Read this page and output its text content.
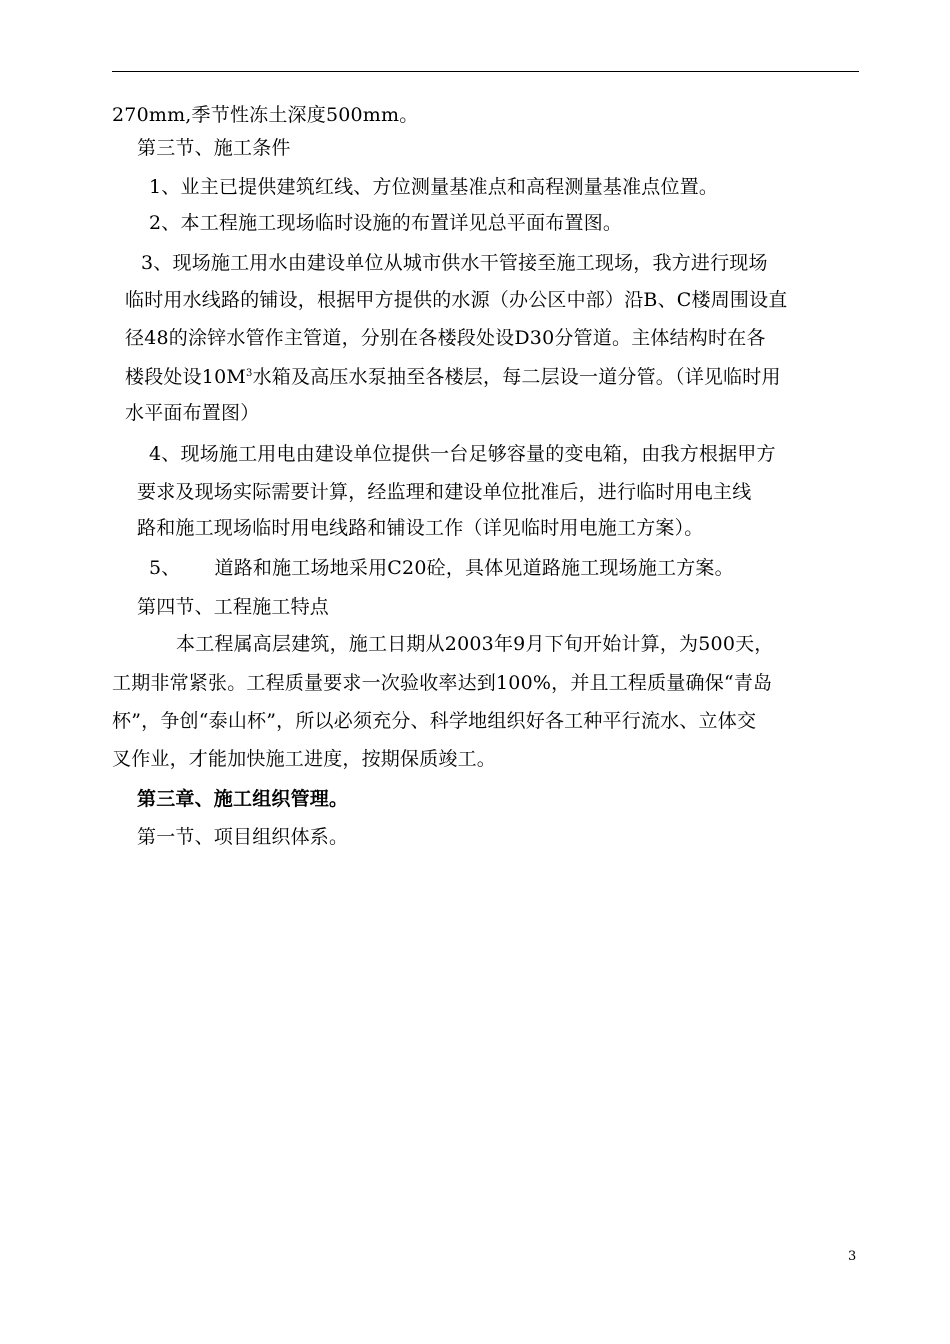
270mm,季节性冻土深度500mm。
第三节、施工条件
1、业主已提供建筑红线、方位测量基准点和高程测量基准点位置。
2、本工程施工现场临时设施的布置详见总平面布置图。
3、现场施工用水由建设单位从城市供水干管接至施工现场，我方进行现场
临时用水线路的铺设，根据甲方提供的水源（办公区中部）沿B、C楼周围设直
径48的涂锌水管作主管道，分别在各楼段处设D30分管道。主体结构时在各
楼段处设$10M^3$水箱及高压水泵抽至各楼层，每二层设一道分管。（详见临时用
水平面布置图）
4、现场施工用电由建设单位提供一台足够容量的变电箱，由我方根据甲方
要求及现场实际需要计算，经监理和建设单位批准后，进行临时用电主线
路和施工现场临时用电线路和铺设工作（详见临时用电施工方案）。
5、 道路和施工场地采用C20砼，具体见道路施工现场施工方案。
第四节、工程施工特点
本工程属高层建筑，施工日期从2003年9月下旬开始计算，为500天，
工期非常紧张。工程质量要求一次验收率达到100%，并且工程质量确保“青岛
杯”，争创“泰山杯”，所以必须充分、科学地组织好各工种平行流水、立体交
叉作业，才能加快施工进度，按期保质竣工。
第三章、施工组织管理。
第一节、项目组织体系。
3
